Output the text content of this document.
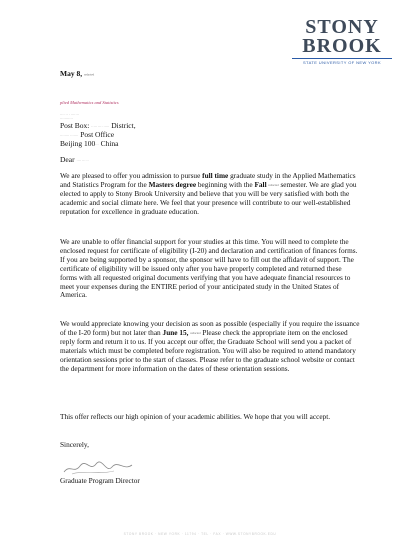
STONY
BROOK
STATE UNIVERSITY OF NEW YORK
May 8, redacted
plied Mathematics and Statistics
···· ·· · ·······
···········
Post Box: ····· ···· ····· District,
········ ······· Post Office
Beijing 100··· China
Dear ···· ··· ··
We are pleased to offer you admission to pursue full time graduate study in the Applied Mathematics and Statistics Program for the Masters degree beginning with the Fall redacted semester. We are glad you elected to apply to Stony Brook University and believe that you will be very satisfied with both the academic and social climate here. We feel that your presence will contribute to our well-established reputation for excellence in graduate education.
We are unable to offer financial support for your studies at this time. You will need to complete the enclosed request for certificate of eligibility (I-20) and declaration and certification of finances forms. If you are being supported by a sponsor, the sponsor will have to fill out the affidavit of support. The certificate of eligibility will be issued only after you have properly completed and returned these forms with all requested original documents verifying that you have adequate financial resources to meet your expenses during the ENTIRE period of your anticipated study in the United States of America.
We would appreciate knowing your decision as soon as possible (especially if you require the issuance of the I-20 form) but not later than June 15, redacted Please check the appropriate item on the enclosed reply form and return it to us. If you accept our offer, the Graduate School will send you a packet of materials which must be completed before registration. You will also be required to attend mandatory orientation sessions prior to the start of classes. Please refer to the graduate school website or contact the department for more information on the dates of these orientation sessions.
This offer reflects our high opinion of your academic abilities. We hope that you will accept.
Sincerely,
Graduate Program Director
STONY BROOK · NEW YORK · 11794 · TEL · FAX · WWW.STONYBROOK.EDU
